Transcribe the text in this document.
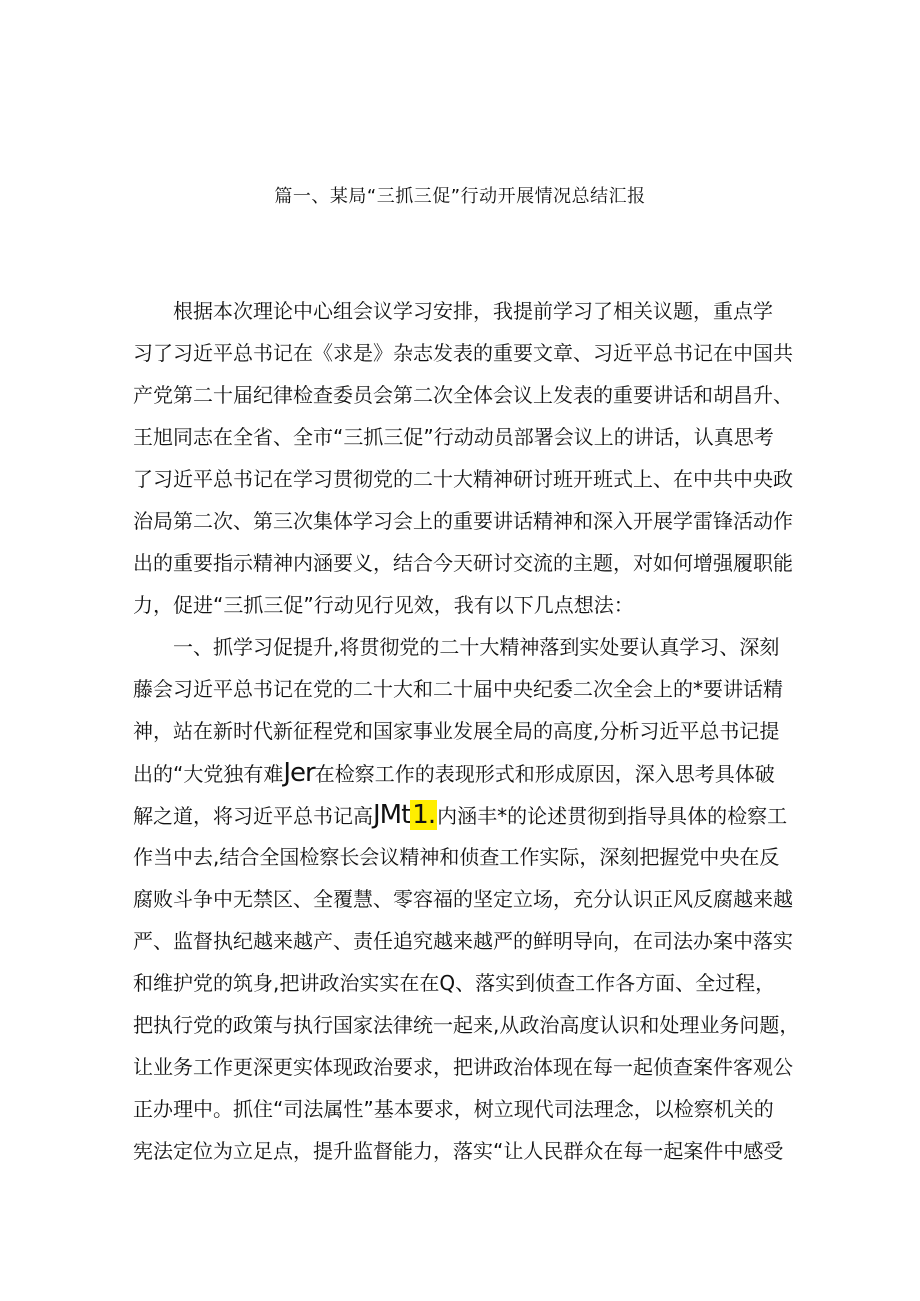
篇一、某局“三抓三促”行动开展情况总结汇报
根据本次理论中心组会议学习安排，我提前学习了相关议题，重点学
习了习近平总书记在《求是》杂志发表的重要文章、习近平总书记在中国共
产党第二十届纪律检查委员会第二次全体会议上发表的重要讲话和胡昌升、
王旭同志在全省、全市“三抓三促”行动动员部署会议上的讲话，认真思考
了习近平总书记在学习贯彻党的二十大精神研讨班开班式上、在中共中央政
治局第二次、第三次集体学习会上的重要讲话精神和深入开展学雷锋活动作
出的重要指示精神内涵要义，结合今天研讨交流的主题，对如何增强履职能
力，促进“三抓三促”行动见行见效，我有以下几点想法：
一、抓学习促提升,将贯彻党的二十大精神落到实处要认真学习、深刻
藤会习近平总书记在党的二十大和二十届中央纪委二次全会上的*要讲话精
神，站在新时代新征程党和国家事业发展全局的高度,分析习近平总书记提
出的“大党独有难Jer在检察工作的表现形式和形成原因，深入思考具体破
解之道，将习近平总书记高JMt1. 内涵丰*的论述贯彻到指导具体的检察工
作当中去,结合全国检察长会议精神和侦查工作实际，深刻把握党中央在反
腐败斗争中无禁区、全覆慧、零容福的坚定立场，充分认识正风反腐越来越
严、监督执纪越来越产、责任追究越来越严的鲜明导向，在司法办案中落实
和维护党的筑身,把讲政治实实在在Q、落实到侦查工作各方面、全过程，
把执行党的政策与执行国家法律统一起来,从政治高度认识和处理业务问题，
让业务工作更深更实体现政治要求，把讲政治体现在每一起侦查案件客观公
正办理中。抓住“司法属性”基本要求，树立现代司法理念，以检察机关的
宪法定位为立足点，提升监督能力，落实“让人民群众在每一起案件中感受
